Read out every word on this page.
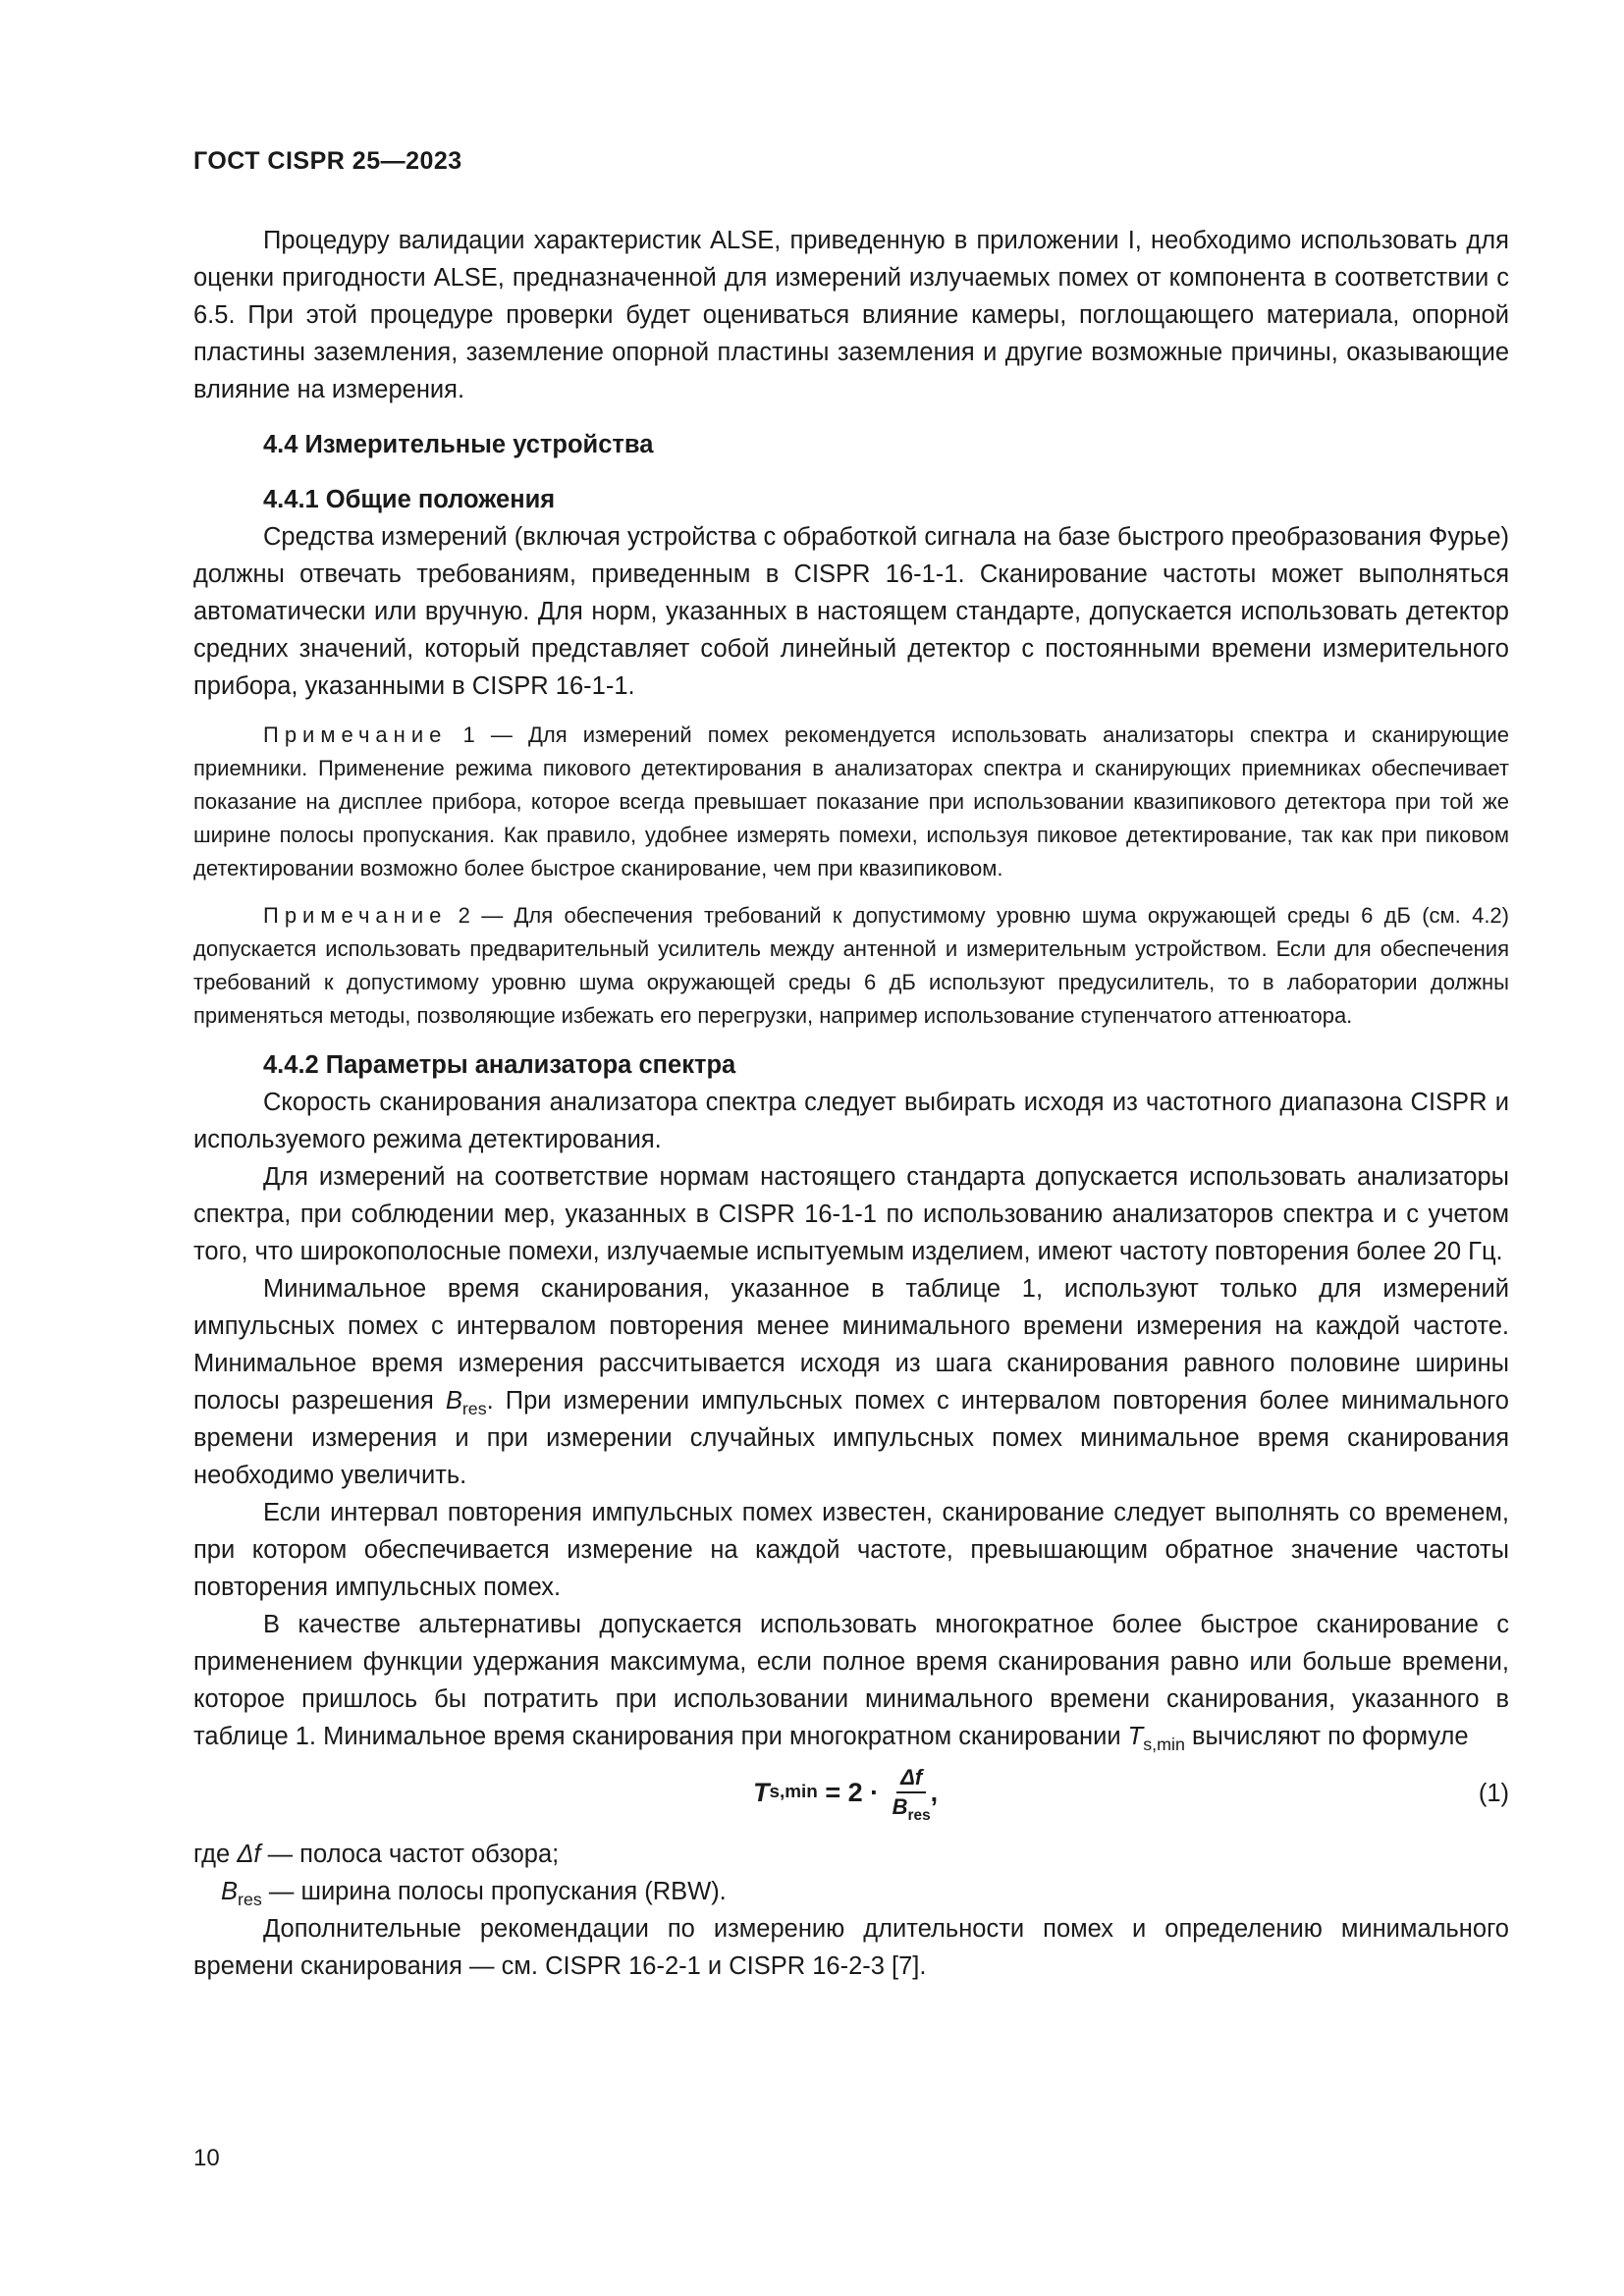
ГОСТ CISPR 25—2023

Процедуру валидации характеристик ALSE, приведенную в приложении I, необходимо использовать для оценки пригодности ALSE, предназначенной для измерений излучаемых помех от компонента в соответствии с 6.5. При этой процедуре проверки будет оцениваться влияние камеры, поглощающего материала, опорной пластины заземления, заземление опорной пластины заземления и другие возможные причины, оказывающие влияние на измерения.

4.4 Измерительные устройства

4.4.1 Общие положения

Средства измерений (включая устройства с обработкой сигнала на базе быстрого преобразования Фурье) должны отвечать требованиям, приведенным в CISPR 16-1-1. Сканирование частоты может выполняться автоматически или вручную. Для норм, указанных в настоящем стандарте, допускается использовать детектор средних значений, который представляет собой линейный детектор с постоянными времени измерительного прибора, указанными в CISPR 16-1-1.

Примечание 1 — Для измерений помех рекомендуется использовать анализаторы спектра и сканирующие приемники. Применение режима пикового детектирования в анализаторах спектра и сканирующих приемниках обеспечивает показание на дисплее прибора, которое всегда превышает показание при использовании квазипикового детектора при той же ширине полосы пропускания. Как правило, удобнее измерять помехи, используя пиковое детектирование, так как при пиковом детектировании возможно более быстрое сканирование, чем при квазипиковом.

Примечание 2 — Для обеспечения требований к допустимому уровню шума окружающей среды 6 дБ (см. 4.2) допускается использовать предварительный усилитель между антенной и измерительным устройством. Если для обеспечения требований к допустимому уровню шума окружающей среды 6 дБ используют предусилитель, то в лаборатории должны применяться методы, позволяющие избежать его перегрузки, например использование ступенчатого аттенюатора.

4.4.2 Параметры анализатора спектра

Скорость сканирования анализатора спектра следует выбирать исходя из частотного диапазона CISPR и используемого режима детектирования.

Для измерений на соответствие нормам настоящего стандарта допускается использовать анализаторы спектра, при соблюдении мер, указанных в CISPR 16-1-1 по использованию анализаторов спектра и с учетом того, что широкополосные помехи, излучаемые испытуемым изделием, имеют частоту повторения более 20 Гц.

Минимальное время сканирования, указанное в таблице 1, используют только для измерений импульсных помех с интервалом повторения менее минимального времени измерения на каждой частоте. Минимальное время измерения рассчитывается исходя из шага сканирования равного половине ширины полосы разрешения $B_{res}$. При измерении импульсных помех с интервалом повторения более минимального времени измерения и при измерении случайных импульсных помех минимальное время сканирования необходимо увеличить.

Если интервал повторения импульсных помех известен, сканирование следует выполнять со временем, при котором обеспечивается измерение на каждой частоте, превышающим обратное значение частоты повторения импульсных помех.

В качестве альтернативы допускается использовать многократное более быстрое сканирование с применением функции удержания максимума, если полное время сканирования равно или больше времени, которое пришлось бы потратить при использовании минимального времени сканирования, указанного в таблице 1. Минимальное время сканирования при многократном сканировании $T_{s,min}$ вычисляют по формуле

T $s,\min = 2 \cdot \frac{\Delta f}{B_{res}}$ ,	(1)

где Δf — полоса частот обзора;

$B_{res}$ — ширина полосы пропускания (RBW).

Дополнительные рекомендации по измерению длительности помех и определению минимального времени сканирования — см. CISPR 16-2-1 и CISPR 16-2-3 [7].

10
